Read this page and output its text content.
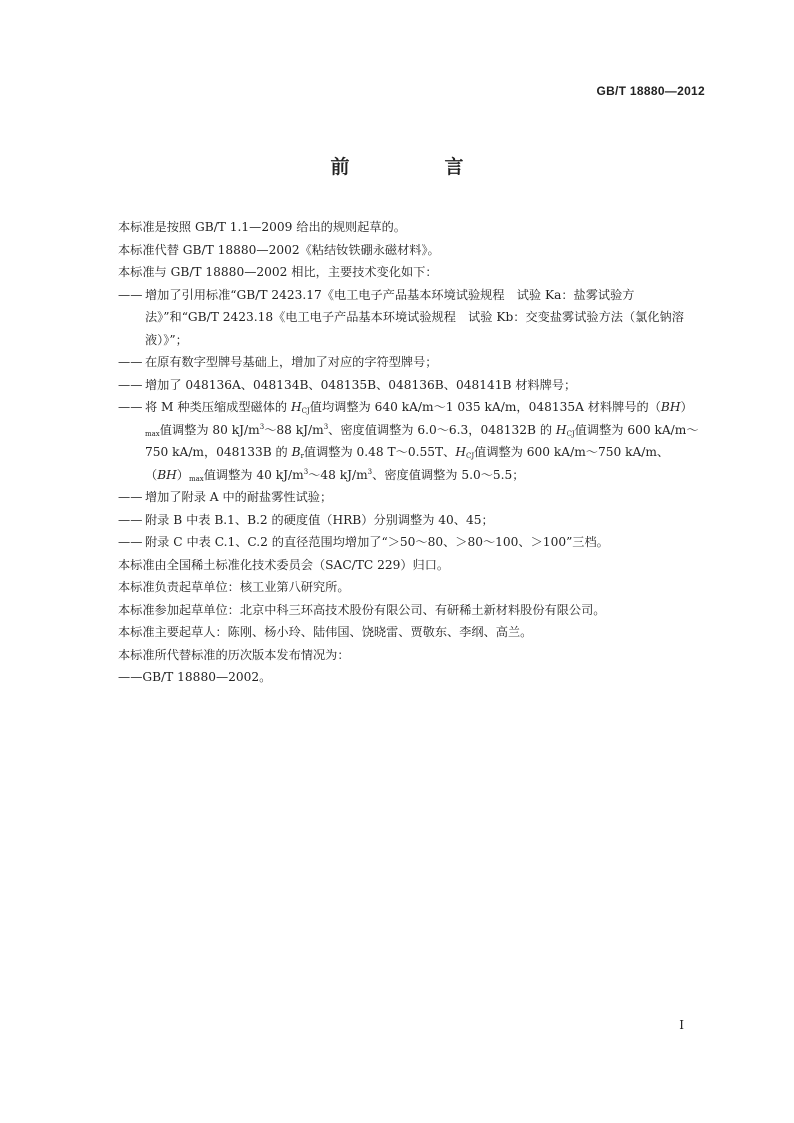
GB/T 18880—2012
前　言

本标准是按照 GB/T 1.1—2009 给出的规则起草的。

本标准代替 GB/T 18880—2002《粘结钕铁硼永磁材料》。

本标准与 GB/T 18880—2002 相比，主要技术变化如下：

—— 增加了引用标准“GB/T 2423.17《电工电子产品基本环境试验规程　试验 Ka：盐雾试验方法》”和“GB/T 2423.18《电工电子产品基本环境试验规程　试验 Kb：交变盐雾试验方法（氯化钠溶液）》”；
—— 在原有数字型牌号基础上，增加了对应的字符型牌号；
—— 增加了 048136A、048134B、048135B、048136B、048141B 材料牌号；
—— 将 M 种类压缩成型磁体的 $H_{CJ}$值均调整为 640 kA/m～1 035 kA/m，048135A 材料牌号的$(BH)_{max}$值调整为 80 $kJ/m^3\sim 88$ $kJ/m^3$、密度值调整为 6.0～6.3，048132B 的 $H_{CJ}$值调整为 600 kA/m～750 kA/m，048133B 的 $B_r$值调整为 0.48 T～0.55T、$H_{CJ}$值调整为 600 kA/m～750 kA/m、$(BH)_{max}$值调整为 40 $kJ/m^3\sim 48$ $kJ/m^3$、密度值调整为 5.0～5.5；
—— 增加了附录 A 中的耐盐雾性试验；
—— 附录 B 中表 B.1、B.2 的硬度值（HRB）分别调整为 40、45；
—— 附录 C 中表 C.1、C.2 的直径范围均增加了“＞50～80、＞80～100、＞100”三档。

本标准由全国稀土标准化技术委员会（SAC/TC 229）归口。

本标准负责起草单位：核工业第八研究所。

本标准参加起草单位：北京中科三环高技术股份有限公司、有研稀土新材料股份有限公司。

本标准主要起草人：陈刚、杨小玲、陆伟国、饶晓雷、贾敬东、李纲、高兰。

本标准所代替标准的历次版本发布情况为：

——GB/T 18880—2002。

I
